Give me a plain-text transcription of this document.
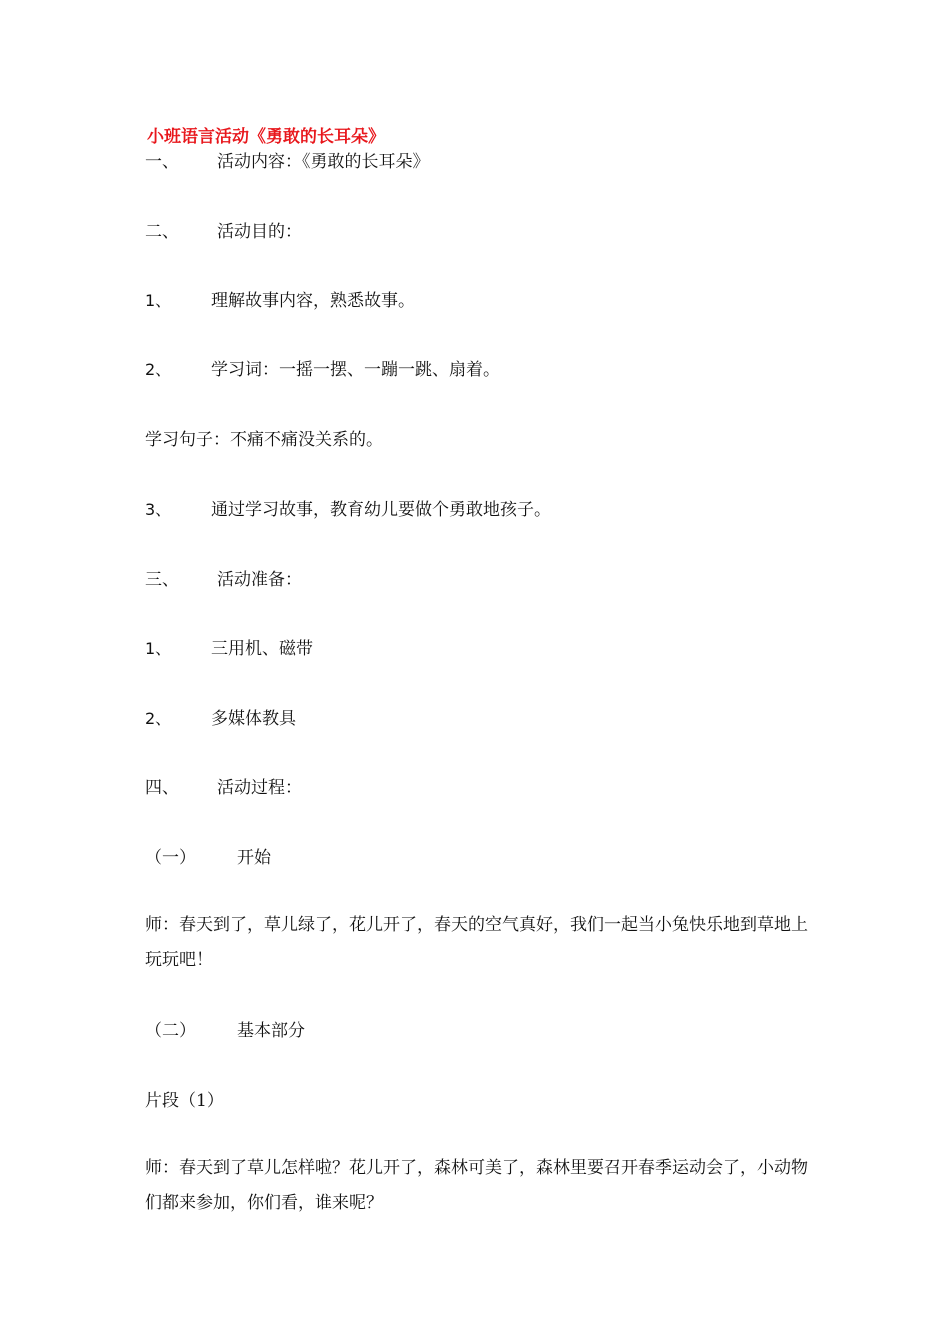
小班语言活动《勇敢的长耳朵》
一、 活动内容：《勇敢的长耳朵》
二、 活动目的：
1、 理解故事内容，熟悉故事。
2、 学习词：一摇一摆、一蹦一跳、扇着。
学习句子：不痛不痛没关系的。
3、 通过学习故事，教育幼儿要做个勇敢地孩子。
三、 活动准备：
1、 三用机、磁带
2、 多媒体教具
四、 活动过程：
（一） 开始
师：春天到了，草儿绿了，花儿开了，春天的空气真好，我们一起当小兔快乐地到草地上玩玩吧！
（二） 基本部分
片段（1）
师：春天到了草儿怎样啦？花儿开了，森林可美了，森林里要召开春季运动会了，小动物们都来参加，你们看，谁来呢？
